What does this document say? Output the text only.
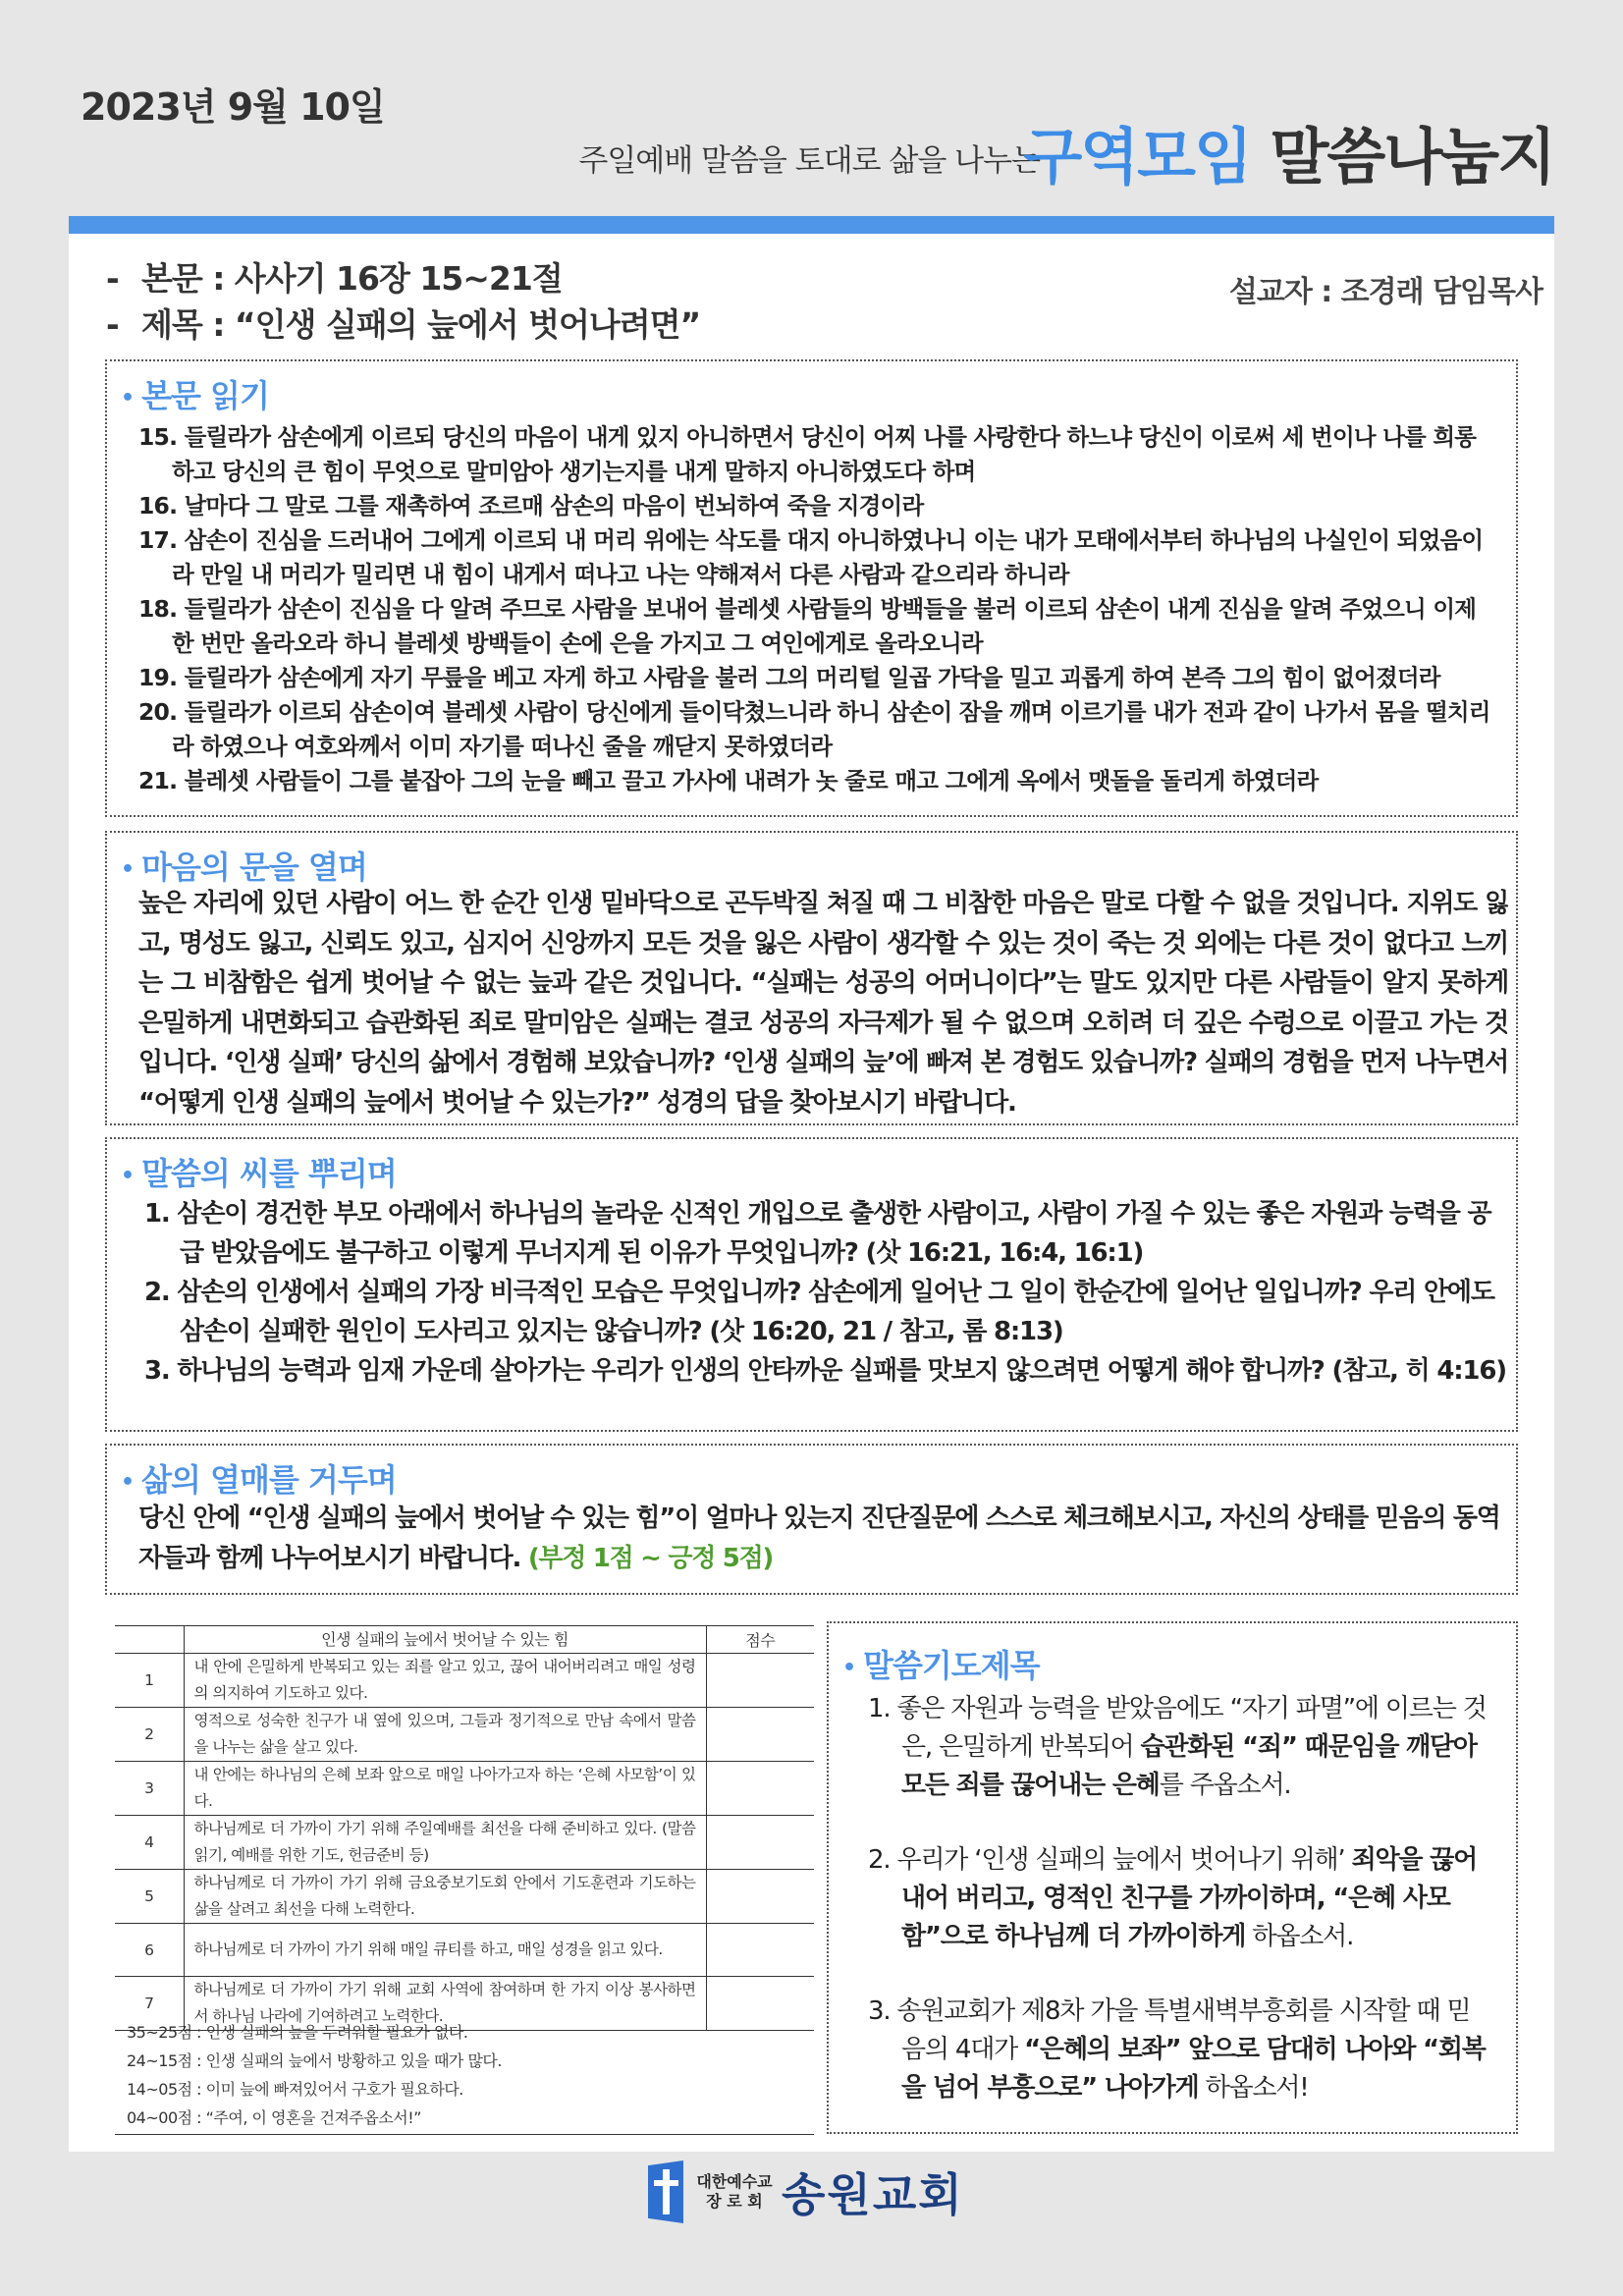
2023년 9월 10일
주일예배 말씀을 토대로 삶을 나누는
구역모임 말씀나눔지
- 본문 : 사사기 16장 15~21절
- 제목 : “인생 실패의 늪에서 벗어나려면”
설교자 : 조경래 담임목사
• 본문 읽기
15. 들릴라가 삼손에게 이르되 당신의 마음이 내게 있지 아니하면서 당신이 어찌 나를 사랑한다 하느냐 당신이 이로써 세 번이나 나를 희롱하고 당신의 큰 힘이 무엇으로 말미암아 생기는지를 내게 말하지 아니하였도다 하며
16. 날마다 그 말로 그를 재촉하여 조르매 삼손의 마음이 번뇌하여 죽을 지경이라
17. 삼손이 진심을 드러내어 그에게 이르되 내 머리 위에는 삭도를 대지 아니하였나니 이는 내가 모태에서부터 하나님의 나실인이 되었음이라 만일 내 머리가 밀리면 내 힘이 내게서 떠나고 나는 약해져서 다른 사람과 같으리라 하니라
18. 들릴라가 삼손이 진심을 다 알려 주므로 사람을 보내어 블레셋 사람들의 방백들을 불러 이르되 삼손이 내게 진심을 알려 주었으니 이제 한 번만 올라오라 하니 블레셋 방백들이 손에 은을 가지고 그 여인에게로 올라오니라
19. 들릴라가 삼손에게 자기 무릎을 베고 자게 하고 사람을 불러 그의 머리털 일곱 가닥을 밀고 괴롭게 하여 본즉 그의 힘이 없어졌더라
20. 들릴라가 이르되 삼손이여 블레셋 사람이 당신에게 들이닥쳤느니라 하니 삼손이 잠을 깨며 이르기를 내가 전과 같이 나가서 몸을 떨치리라 하였으나 여호와께서 이미 자기를 떠나신 줄을 깨닫지 못하였더라
21. 블레셋 사람들이 그를 붙잡아 그의 눈을 빼고 끌고 가사에 내려가 놋 줄로 매고 그에게 옥에서 맷돌을 돌리게 하였더라
• 마음의 문을 열며
높은 자리에 있던 사람이 어느 한 순간 인생 밑바닥으로 곤두박질 쳐질 때 그 비참한 마음은 말로 다할 수 없을 것입니다. 지위도 잃고, 명성도 잃고, 신뢰도 있고, 심지어 신앙까지 모든 것을 잃은 사람이 생각할 수 있는 것이 죽는 것 외에는 다른 것이 없다고 느끼는 그 비참함은 쉽게 벗어날 수 없는 늪과 같은 것입니다. “실패는 성공의 어머니이다”는 말도 있지만 다른 사람들이 알지 못하게 은밀하게 내면화되고 습관화된 죄로 말미암은 실패는 결코 성공의 자극제가 될 수 없으며 오히려 더 깊은 수렁으로 이끌고 가는 것입니다. ‘인생 실패’ 당신의 삶에서 경험해 보았습니까? ‘인생 실패의 늪’에 빠져 본 경험도 있습니까? 실패의 경험을 먼저 나누면서 “어떻게 인생 실패의 늪에서 벗어날 수 있는가?” 성경의 답을 찾아보시기 바랍니다.
• 말씀의 씨를 뿌리며
1. 삼손이 경건한 부모 아래에서 하나님의 놀라운 신적인 개입으로 출생한 사람이고, 사람이 가질 수 있는 좋은 자원과 능력을 공급 받았음에도 불구하고 이렇게 무너지게 된 이유가 무엇입니까? (삿 16:21, 16:4, 16:1)
2. 삼손의 인생에서 실패의 가장 비극적인 모습은 무엇입니까? 삼손에게 일어난 그 일이 한순간에 일어난 일입니까? 우리 안에도 삼손이 실패한 원인이 도사리고 있지는 않습니까? (삿 16:20, 21 / 참고, 롬 8:13)
3. 하나님의 능력과 임재 가운데 살아가는 우리가 인생의 안타까운 실패를 맛보지 않으려면 어떻게 해야 합니까? (참고, 히 4:16)
• 삶의 열매를 거두며
당신 안에 “인생 실패의 늪에서 벗어날 수 있는 힘”이 얼마나 있는지 진단질문에 스스로 체크해보시고, 자신의 상태를 믿음의 동역자들과 함께 나누어보시기 바랍니다. (부정 1점 ~ 긍정 5점)
	인생 실패의 늪에서 벗어날 수 있는 힘	점수
1	내 안에 은밀하게 반복되고 있는 죄를 알고 있고, 끊어 내어버리려고 매일 성령의 의지하여 기도하고 있다.	
2	영적으로 성숙한 친구가 내 옆에 있으며, 그들과 정기적으로 만남 속에서 말씀을 나누는 삶을 살고 있다.	
3	내 안에는 하나님의 은혜 보좌 앞으로 매일 나아가고자 하는 ‘은혜 사모함’이 있다.	
4	하나님께로 더 가까이 가기 위해 주일예배를 최선을 다해 준비하고 있다. (말씀읽기, 예배를 위한 기도, 헌금준비 등)	
5	하나님께로 더 가까이 가기 위해 금요중보기도회 안에서 기도훈련과 기도하는 삶을 살려고 최선을 다해 노력한다.	
6	하나님께로 더 가까이 가기 위해 매일 큐티를 하고, 매일 성경을 읽고 있다.	
7	하나님께로 더 가까이 가기 위해 교회 사역에 참여하며 한 가지 이상 봉사하면서 하나님 나라에 기여하려고 노력한다.	
35~25점 : 인생 실패의 늪을 두려워할 필요가 없다.
24~15점 : 인생 실패의 늪에서 방황하고 있을 때가 많다.
14~05점 : 이미 늪에 빠져있어서 구호가 필요하다.
04~00점 : “주여, 이 영혼을 건져주옵소서!”
• 말씀기도제목
1. 좋은 자원과 능력을 받았음에도 “자기 파멸”에 이르는 것은, 은밀하게 반복되어 습관화된 “죄” 때문임을 깨닫아 모든 죄를 끊어내는 은혜를 주옵소서.
2. 우리가 ‘인생 실패의 늪에서 벗어나기 위해’ 죄악을 끊어내어 버리고, 영적인 친구를 가까이하며, “은혜 사모함”으로 하나님께 더 가까이하게 하옵소서.
3. 송원교회가 제8차 가을 특별새벽부흥회를 시작할 때 믿음의 4대가 “은혜의 보좌” 앞으로 담대히 나아와 “회복을 넘어 부흥으로” 나아가게 하옵소서!
대한예수교
장 로 회 송원교회
